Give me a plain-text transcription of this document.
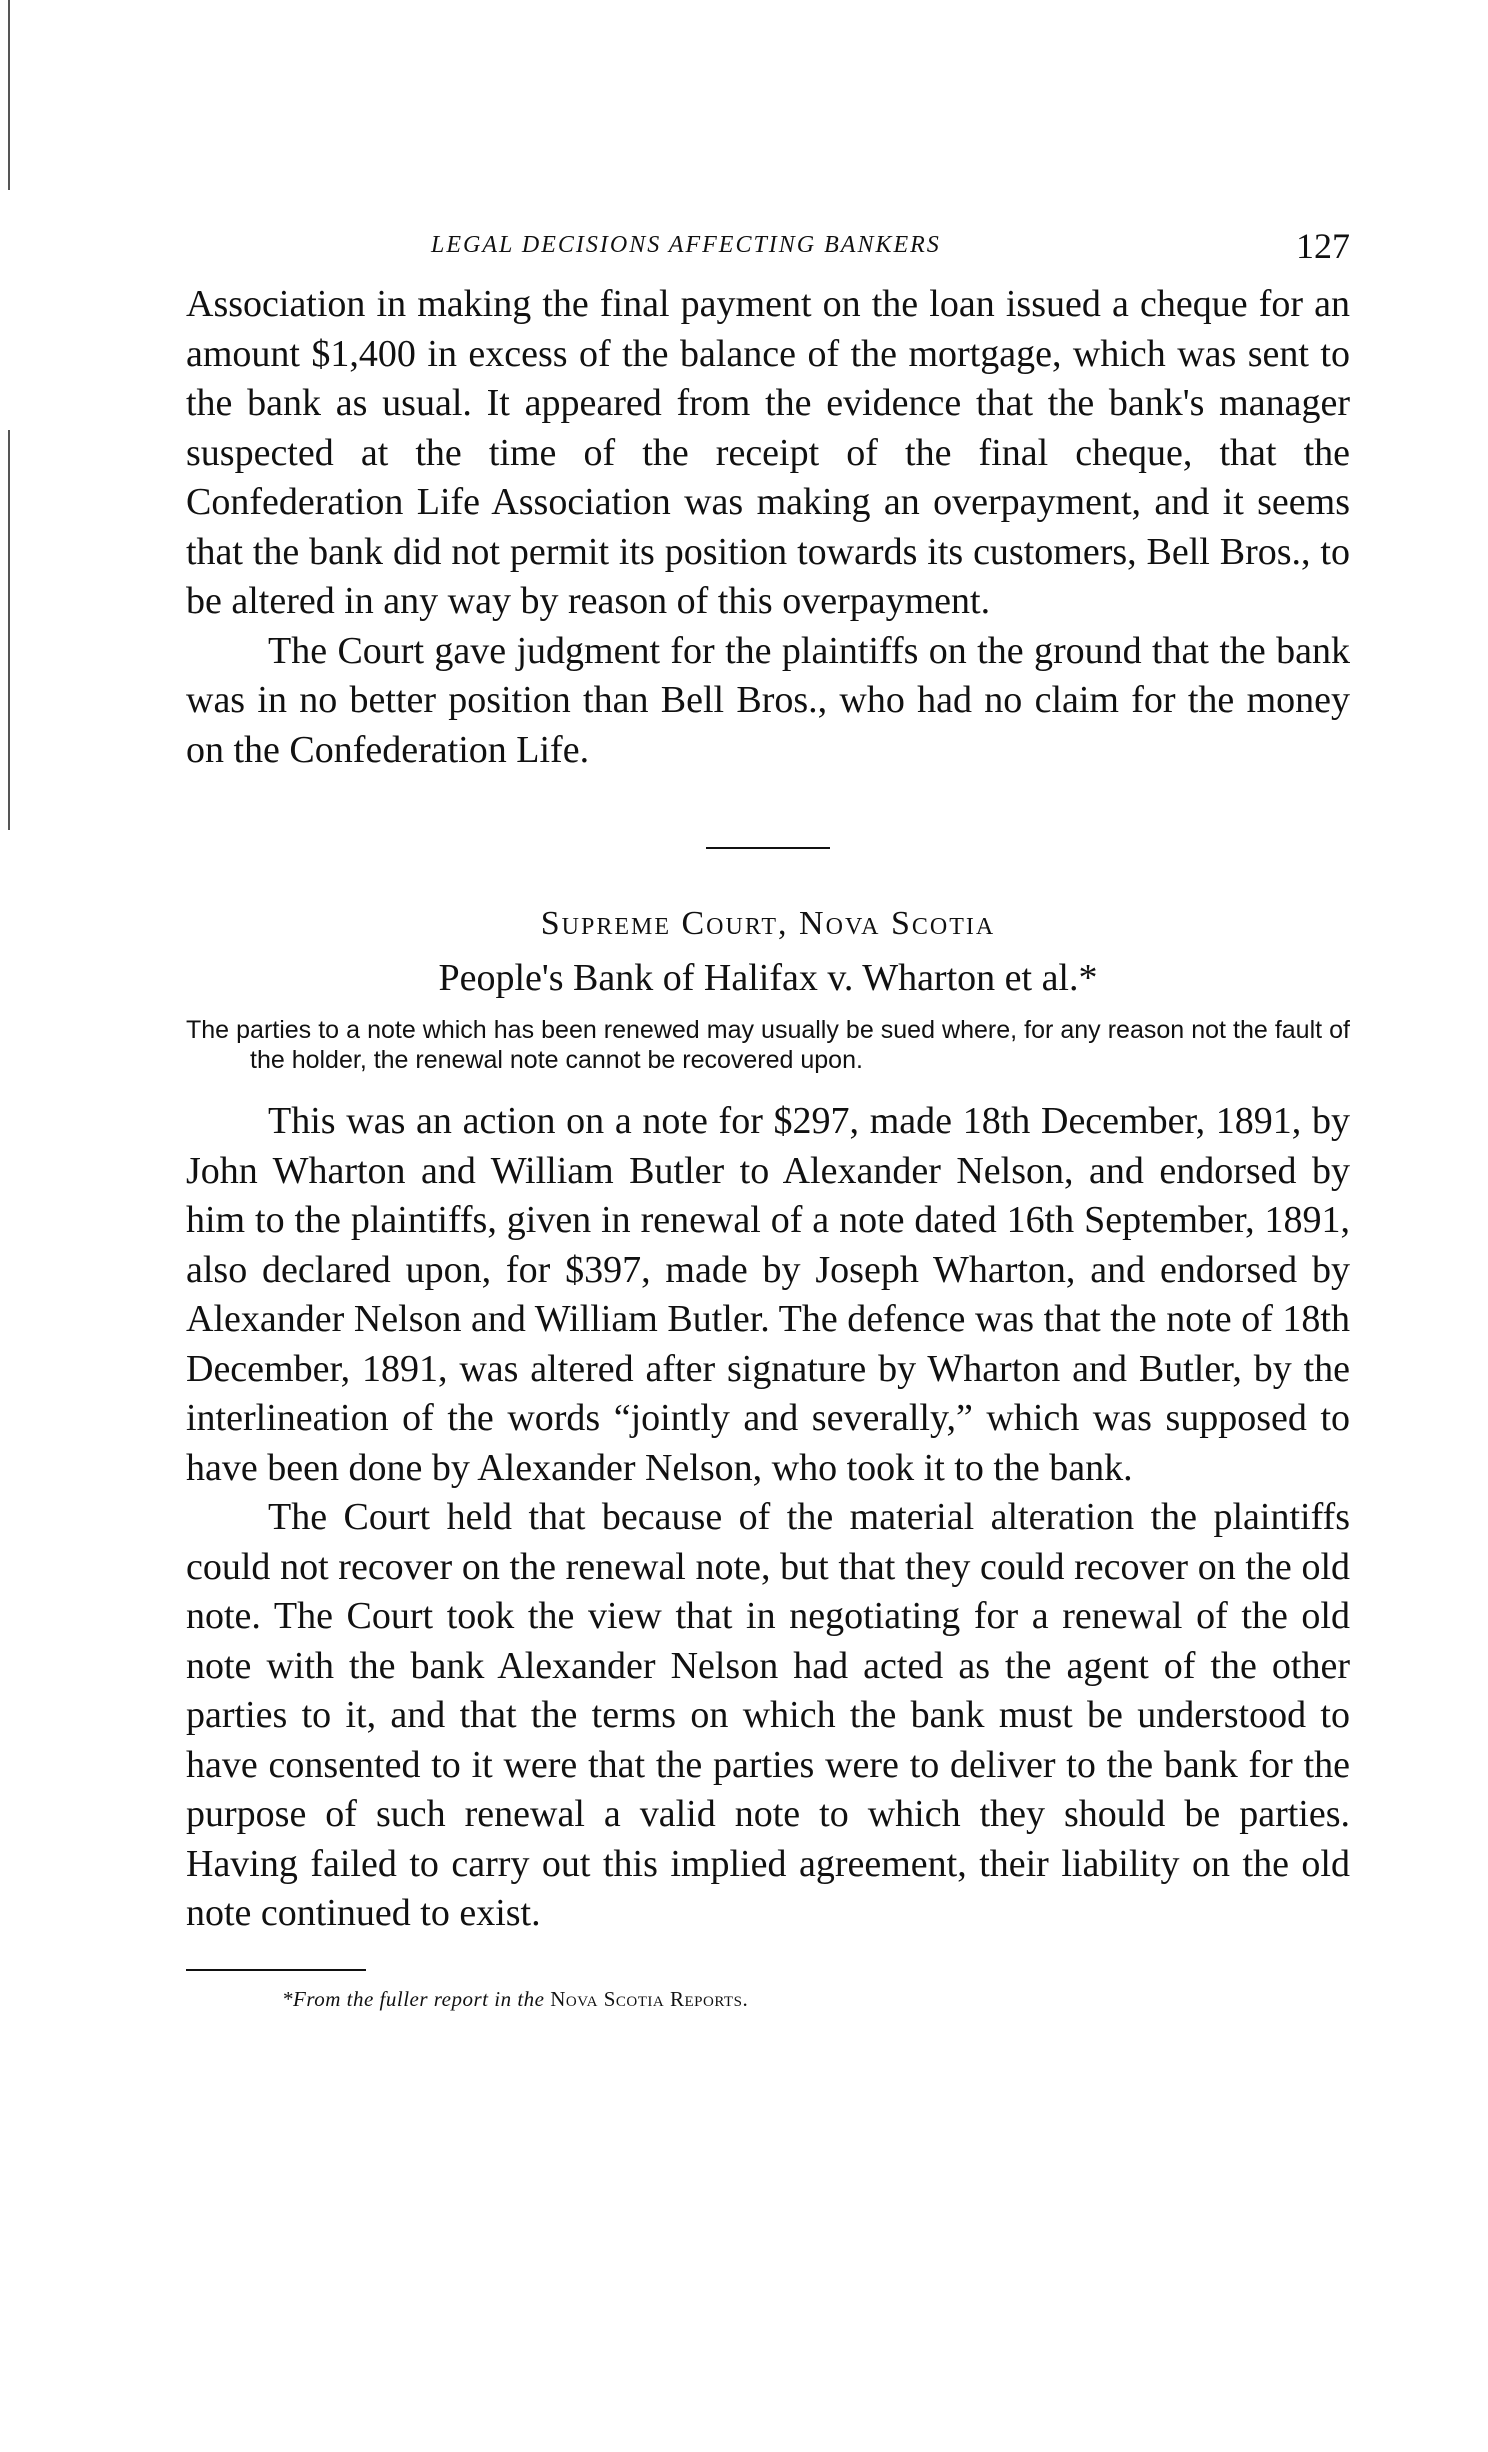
LEGAL DECISIONS AFFECTING BANKERS	127

Association in making the final payment on the loan issued a cheque for an amount $1,400 in excess of the balance of the mortgage, which was sent to the bank as usual. It appeared from the evidence that the bank's manager suspected at the time of the receipt of the final cheque, that the Confederation Life Association was making an overpayment, and it seems that the bank did not permit its position towards its customers, Bell Bros., to be altered in any way by reason of this overpayment.

The Court gave judgment for the plaintiffs on the ground that the bank was in no better position than Bell Bros., who had no claim for the money on the Confederation Life.

Supreme Court, Nova Scotia
People's Bank of Halifax v. Wharton et al.*
The parties to a note which has been renewed may usually be sued where, for any reason not the fault of the holder, the renewal note cannot be recovered upon.

This was an action on a note for $297, made 18th December, 1891, by John Wharton and William Butler to Alexander Nelson, and endorsed by him to the plaintiffs, given in renewal of a note dated 16th September, 1891, also declared upon, for $397, made by Joseph Wharton, and endorsed by Alexander Nelson and William Butler. The defence was that the note of 18th December, 1891, was altered after signature by Wharton and Butler, by the interlineation of the words “jointly and severally,” which was supposed to have been done by Alexander Nelson, who took it to the bank.

The Court held that because of the material alteration the plaintiffs could not recover on the renewal note, but that they could recover on the old note. The Court took the view that in negotiating for a renewal of the old note with the bank Alexander Nelson had acted as the agent of the other parties to it, and that the terms on which the bank must be understood to have consented to it were that the parties were to deliver to the bank for the purpose of such renewal a valid note to which they should be parties. Having failed to carry out this implied agreement, their liability on the old note continued to exist.

*From the fuller report in the Nova Scotia Reports.
